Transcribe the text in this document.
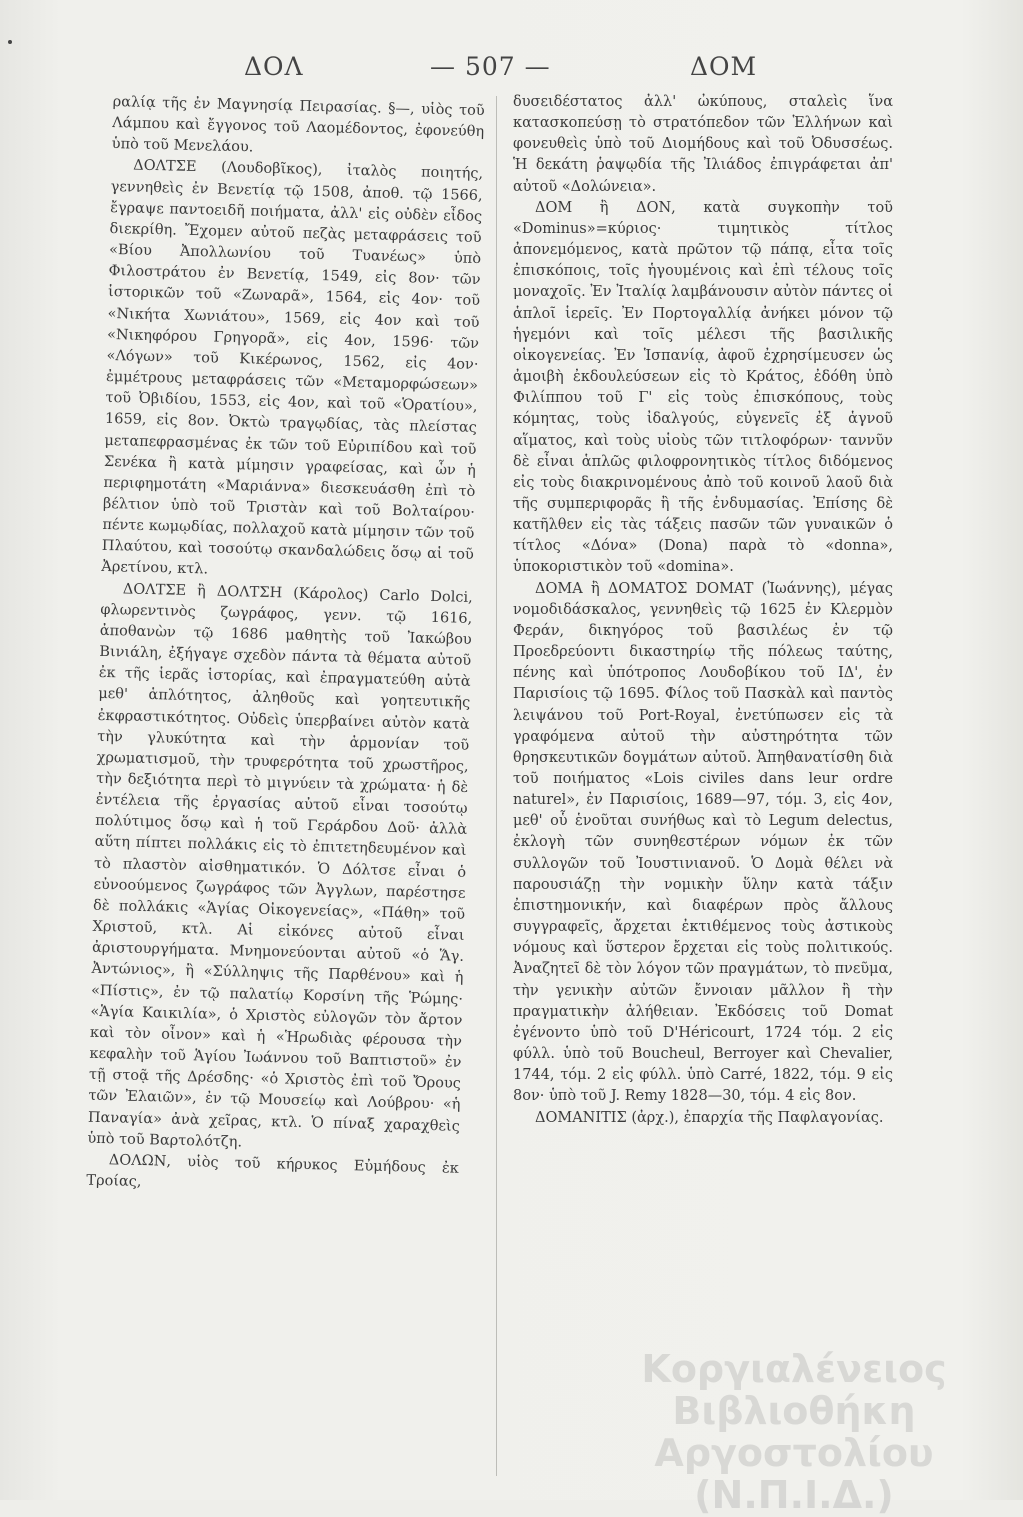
ΔΟΛ	— 507 —	ΔΟΜ

ραλίᾳ τῆς ἐν Μαγνησίᾳ Πειρασίας. §—, υἱὸς τοῦ Λάμπου καὶ ἔγγονος τοῦ Λαομέδοντος, ἐφονεύθη ὑπὸ τοῦ Μενελάου.

ΔΟΛΤΣΕ (Λουδοβῖκος), ἰταλὸς ποιητής, γεννηθεὶς ἐν Βενετίᾳ τῷ 1508, ἀποθ. τῷ 1566, ἔγραψε παντοειδῆ ποιήματα, ἀλλ' εἰς οὐδὲν εἶδος διεκρίθη. Ἔχομεν αὐτοῦ πεζὰς μεταφράσεις τοῦ «Βίου Ἀπολλωνίου τοῦ Τυανέως» ὑπὸ Φιλοστράτου ἐν Βενετίᾳ, 1549, εἰς 8ον· τῶν ἱστορικῶν τοῦ «Ζωναρᾶ», 1564, εἰς 4ον· τοῦ «Νικήτα Χωνιάτου», 1569, εἰς 4ον καὶ τοῦ «Νικηφόρου Γρηγορᾶ», εἰς 4ον, 1596· τῶν «Λόγων» τοῦ Κικέρωνος, 1562, εἰς 4ον· ἐμμέτρους μεταφράσεις τῶν «Μεταμορφώσεων» τοῦ Ὀβιδίου, 1553, εἰς 4ον, καὶ τοῦ «Ὁρατίου», 1659, εἰς 8ον. Ὀκτὼ τραγῳδίας, τὰς πλείστας μεταπεφρασμένας ἐκ τῶν τοῦ Εὐριπίδου καὶ τοῦ Σενέκα ἢ κατὰ μίμησιν γραφείσας, καὶ ὧν ἡ περιφημοτάτη «Μαριάννα» διεσκευάσθη ἐπὶ τὸ βέλτιον ὑπὸ τοῦ Τριστὰν καὶ τοῦ Βολταίρου· πέντε κωμῳδίας, πολλαχοῦ κατὰ μίμησιν τῶν τοῦ Πλαύτου, καὶ τοσούτῳ σκανδαλώδεις ὅσῳ αἱ τοῦ Ἀρετίνου, κτλ.

ΔΟΛΤΣΕ ἢ ΔΟΛΤΣΗ (Κάρολος) Carlo Dolci, φλωρεντινὸς ζωγράφος, γενν. τῷ 1616, ἀποθανὼν τῷ 1686 μαθητὴς τοῦ Ἰακώβου Βινιάλη, ἐξήγαγε σχεδὸν πάντα τὰ θέματα αὐτοῦ ἐκ τῆς ἱερᾶς ἱστορίας, καὶ ἐπραγματεύθη αὐτὰ μεθ' ἁπλότητος, ἀληθοῦς καὶ γοητευτικῆς ἐκφραστικότητος. Οὐδεὶς ὑπερβαίνει αὐτὸν κατὰ τὴν γλυκύτητα καὶ τὴν ἁρμονίαν τοῦ χρωματισμοῦ, τὴν τρυφερότητα τοῦ χρωστῆρος, τὴν δεξιότητα περὶ τὸ μιγνύειν τὰ χρώματα· ἡ δὲ ἐντέλεια τῆς ἐργασίας αὐτοῦ εἶναι τοσούτῳ πολύτιμος ὅσῳ καὶ ἡ τοῦ Γεράρδου Δοῦ· ἀλλὰ αὕτη πίπτει πολλάκις εἰς τὸ ἐπιτετηδευμένον καὶ τὸ πλαστὸν αἰσθηματικόν. Ὁ Δόλτσε εἶναι ὁ εὐνοούμενος ζωγράφος τῶν Ἀγγλων, παρέστησε δὲ πολλάκις «Ἁγίας Οἰκογενείας», «Πάθη» τοῦ Χριστοῦ, κτλ. Αἱ εἰκόνες αὐτοῦ εἶναι ἀριστουργήματα. Μνημονεύονται αὐτοῦ «ὁ Ἅγ. Ἀντώνιος», ἢ «Σύλληψις τῆς Παρθένου» καὶ ἡ «Πίστις», ἐν τῷ παλατίῳ Κορσίνη τῆς Ῥώμης· «Ἁγία Καικιλία», ὁ Χριστὸς εὐλογῶν τὸν ἄρτον καὶ τὸν οἶνον» καὶ ἡ «Ἡρωδιὰς φέρουσα τὴν κεφαλὴν τοῦ Ἁγίου Ἰωάννου τοῦ Βαπτιστοῦ» ἐν τῇ στοᾷ τῆς Δρέσδης· «ὁ Χριστὸς ἐπὶ τοῦ Ὄρους τῶν Ἐλαιῶν», ἐν τῷ Μουσείῳ καὶ Λούβρου· «ἡ Παναγία» ἀνὰ χεῖρας, κτλ. Ὁ πίναξ χαραχθεὶς ὑπὸ τοῦ Βαρτολότζη.

ΔΟΛΩΝ, υἱὸς τοῦ κήρυκος Εὐμήδους ἐκ Τροίας,

δυσειδέστατος ἀλλ' ὠκύπους, σταλεὶς ἵνα κατασκοπεύσῃ τὸ στρατόπεδον τῶν Ἑλλήνων καὶ φονευθεὶς ὑπὸ τοῦ Διομήδους καὶ τοῦ Ὀδυσσέως. Ἡ δεκάτη ῥαψῳδία τῆς Ἰλιάδος ἐπιγράφεται ἀπ' αὐτοῦ «Δολώνεια».

ΔΟΜ ἢ ΔΟΝ, κατὰ συγκοπὴν τοῦ «Dominus»=κύριος· τιμητικὸς τίτλος ἀπονεμόμενος, κατὰ πρῶτον τῷ πάπᾳ, εἶτα τοῖς ἐπισκόποις, τοῖς ἡγουμένοις καὶ ἐπὶ τέλους τοῖς μοναχοῖς. Ἐν Ἰταλίᾳ λαμβάνουσιν αὐτὸν πάντες οἱ ἁπλοῖ ἱερεῖς. Ἐν Πορτογαλλίᾳ ἀνήκει μόνον τῷ ἡγεμόνι καὶ τοῖς μέλεσι τῆς βασιλικῆς οἰκογενείας. Ἐν Ἱσπανίᾳ, ἀφοῦ ἐχρησίμευσεν ὡς ἀμοιβὴ ἐκδουλεύσεων εἰς τὸ Κράτος, ἐδόθη ὑπὸ Φιλίππου τοῦ Γ' εἰς τοὺς ἐπισκόπους, τοὺς κόμητας, τοὺς ἰδαλγούς, εὐγενεῖς ἐξ ἁγνοῦ αἵματος, καὶ τοὺς υἱοὺς τῶν τιτλοφόρων· ταννῦν δὲ εἶναι ἁπλῶς φιλοφρονητικὸς τίτλος διδόμενος εἰς τοὺς διακρινομένους ἀπὸ τοῦ κοινοῦ λαοῦ διὰ τῆς συμπεριφορᾶς ἢ τῆς ἐνδυμασίας. Ἐπίσης δὲ κατῆλθεν εἰς τὰς τάξεις πασῶν τῶν γυναικῶν ὁ τίτλος «Δόνα» (Dona) παρὰ τὸ «donna», ὑποκοριστικὸν τοῦ «domina».

ΔΟΜΑ ἢ ΔΟΜΑΤΟΣ DOMAT (Ἰωάννης), μέγας νομοδιδάσκαλος, γεννηθεὶς τῷ 1625 ἐν Κλερμὸν Φεράν, δικηγόρος τοῦ βασιλέως ἐν τῷ Προεδρεύοντι δικαστηρίῳ τῆς πόλεως ταύτης, πένης καὶ ὑπότροπος Λουδοβίκου τοῦ ΙΔ', ἐν Παρισίοις τῷ 1695. Φίλος τοῦ Πασκὰλ καὶ παντὸς λειψάνου τοῦ Port-Royal, ἐνετύπωσεν εἰς τὰ γραφόμενα αὐτοῦ τὴν αὐστηρότητα τῶν θρησκευτικῶν δογμάτων αὐτοῦ. Ἀπηθανατίσθη διὰ τοῦ ποιήματος «Lois civiles dans leur ordre naturel», ἐν Παρισίοις, 1689—97, τόμ. 3, εἰς 4ον, μεθ' οὗ ἑνοῦται συνήθως καὶ τὸ Legum delectus, ἐκλογὴ τῶν συνηθεστέρων νόμων ἐκ τῶν συλλογῶν τοῦ Ἰουστινιανοῦ. Ὁ Δομὰ θέλει νὰ παρουσιάζῃ τὴν νομικὴν ὕλην κατὰ τάξιν ἐπιστημονικήν, καὶ διαφέρων πρὸς ἄλλους συγγραφεῖς, ἄρχεται ἐκτιθέμενος τοὺς ἀστικοὺς νόμους καὶ ὕστερον ἔρχεται εἰς τοὺς πολιτικούς. Ἀναζητεῖ δὲ τὸν λόγον τῶν πραγμάτων, τὸ πνεῦμα, τὴν γενικὴν αὐτῶν ἔννοιαν μᾶλλον ἢ τὴν πραγματικὴν ἀλήθειαν. Ἐκδόσεις τοῦ Domat ἐγένοντο ὑπὸ τοῦ D'Héricourt, 1724 τόμ. 2 εἰς φύλλ. ὑπὸ τοῦ Boucheul, Berroyer καὶ Chevalier, 1744, τόμ. 2 εἰς φύλλ. ὑπὸ Carré, 1822, τόμ. 9 εἰς 8ον· ὑπὸ τοῦ J. Remy 1828—30, τόμ. 4 εἰς 8ον.

ΔΟΜΑΝΙΤΙΣ (ἀρχ.), ἐπαρχία τῆς Παφλαγονίας.

Κοργιαλένειος Βιβλιοθήκη
Αργοστολίου (Ν.Π.Ι.Δ.)
